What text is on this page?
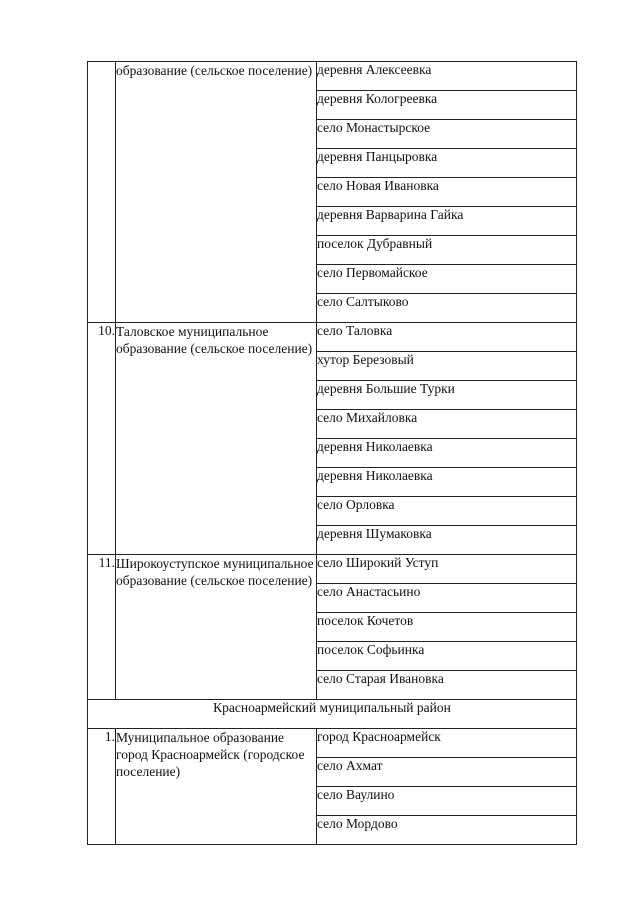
	образование (сельское поселение)	деревня Алексеевка
		деревня Кологреевка
		село Монастырское
		деревня Панцыровка
		село Новая Ивановка
		деревня Варварина Гайка
		поселок Дубравный
		село Первомайское
		село Салтыково
10.	Таловское муниципальное образование (сельское поселение)	село Таловка
		хутор Березовый
		деревня Большие Турки
		село Михайловка
		деревня Николаевка
		деревня Николаевка
		село Орловка
		деревня Шумаковка
11.	Широкоуступское муниципальное образование (сельское поселение)	село Широкий Уступ
		село Анастасьино
		поселок Кочетов
		поселок Софьинка
		село Старая Ивановка
Красноармейский муниципальный район		
1.	Муниципальное образование город Красноармейск (городское поселение)	город Красноармейск
		село Ахмат
		село Ваулино
		село Мордово
